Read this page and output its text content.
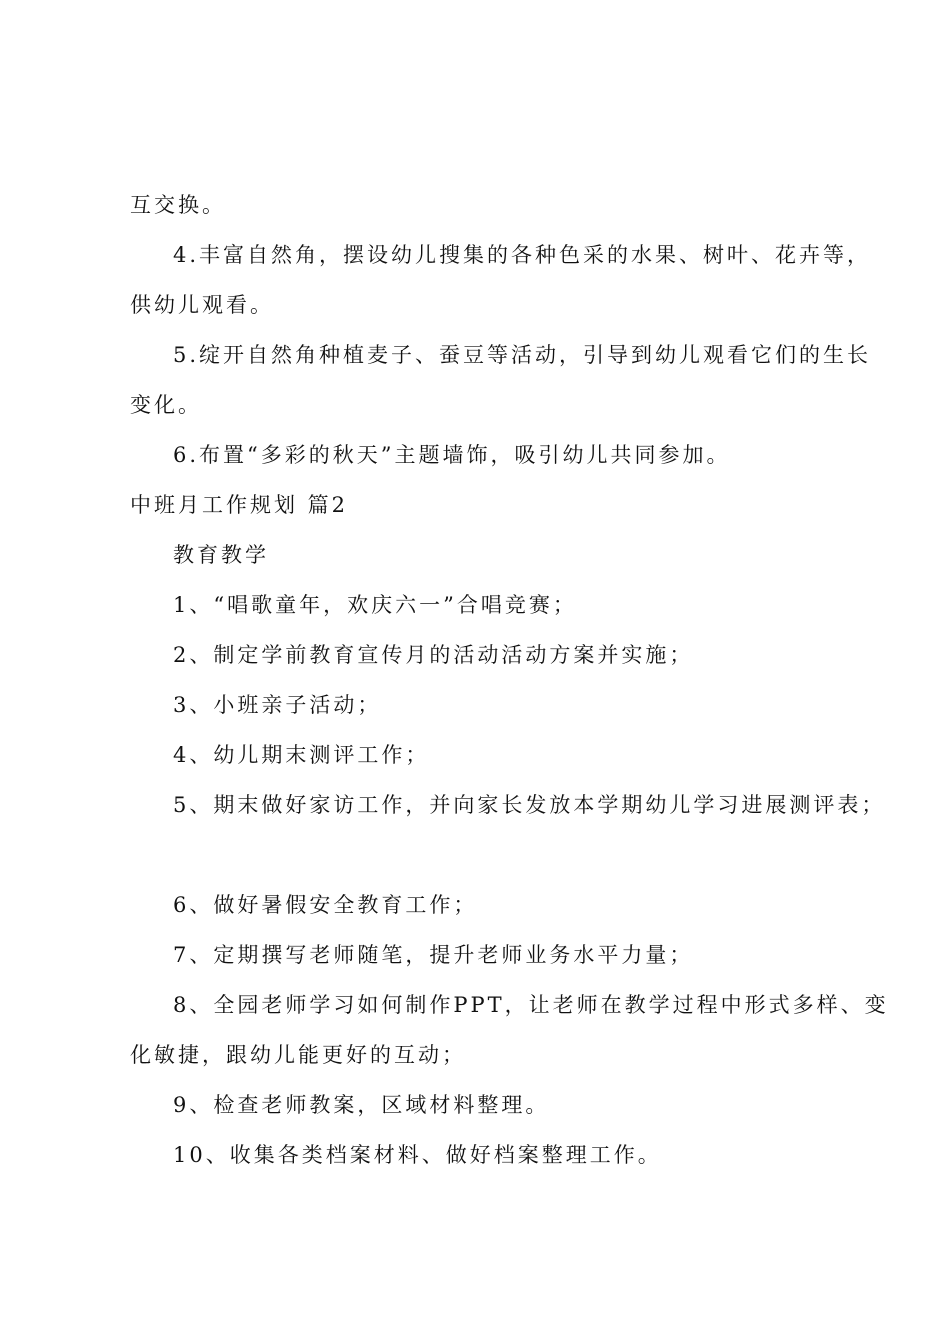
互交换。
4.丰富自然角，摆设幼儿搜集的各种色采的水果、树叶、花卉等，
供幼儿观看。
5.绽开自然角种植麦子、蚕豆等活动，引导到幼儿观看它们的生长
变化。
6.布置“多彩的秋天”主题墙饰，吸引幼儿共同参加。
中班月工作规划 篇2
教育教学
1、“唱歌童年，欢庆六一”合唱竞赛；
2、制定学前教育宣传月的活动活动方案并实施；
3、小班亲子活动；
4、幼儿期末测评工作；
5、期末做好家访工作，并向家长发放本学期幼儿学习进展测评表；
6、做好暑假安全教育工作；
7、定期撰写老师随笔，提升老师业务水平力量；
8、全园老师学习如何制作PPT，让老师在教学过程中形式多样、变
化敏捷，跟幼儿能更好的互动；
9、检查老师教案，区域材料整理。
10、收集各类档案材料、做好档案整理工作。
